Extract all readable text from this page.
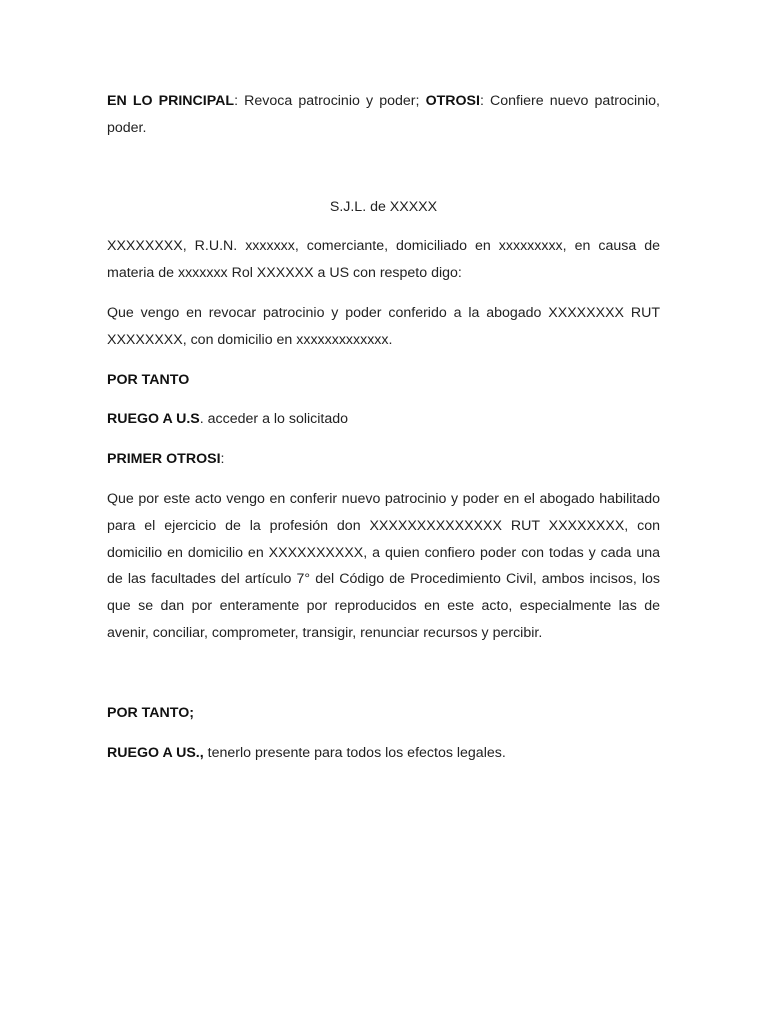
EN LO PRINCIPAL: Revoca patrocinio y poder; OTROSI: Confiere nuevo patrocinio, poder.

S.J.L. de XXXXX

XXXXXXXX, R.U.N. xxxxxxx, comerciante, domiciliado en xxxxxxxxx, en causa de materia de xxxxxxx Rol XXXXXX a US con respeto digo:

Que vengo en revocar patrocinio y poder conferido a la abogado XXXXXXXX RUT XXXXXXXX, con domicilio en xxxxxxxxxxxxx.

POR TANTO

RUEGO A U.S. acceder a lo solicitado

PRIMER OTROSI:

Que por este acto vengo en conferir nuevo patrocinio y poder en el abogado habilitado para el ejercicio de la profesión don XXXXXXXXXXXXXX RUT XXXXXXXX, con domicilio en domicilio en XXXXXXXXXX, a quien confiero poder con todas y cada una de las facultades del artículo 7° del Código de Procedimiento Civil, ambos incisos, los que se dan por enteramente por reproducidos en este acto, especialmente las de avenir, conciliar, comprometer, transigir, renunciar recursos y percibir.

POR TANTO;

RUEGO A US., tenerlo presente para todos los efectos legales.
